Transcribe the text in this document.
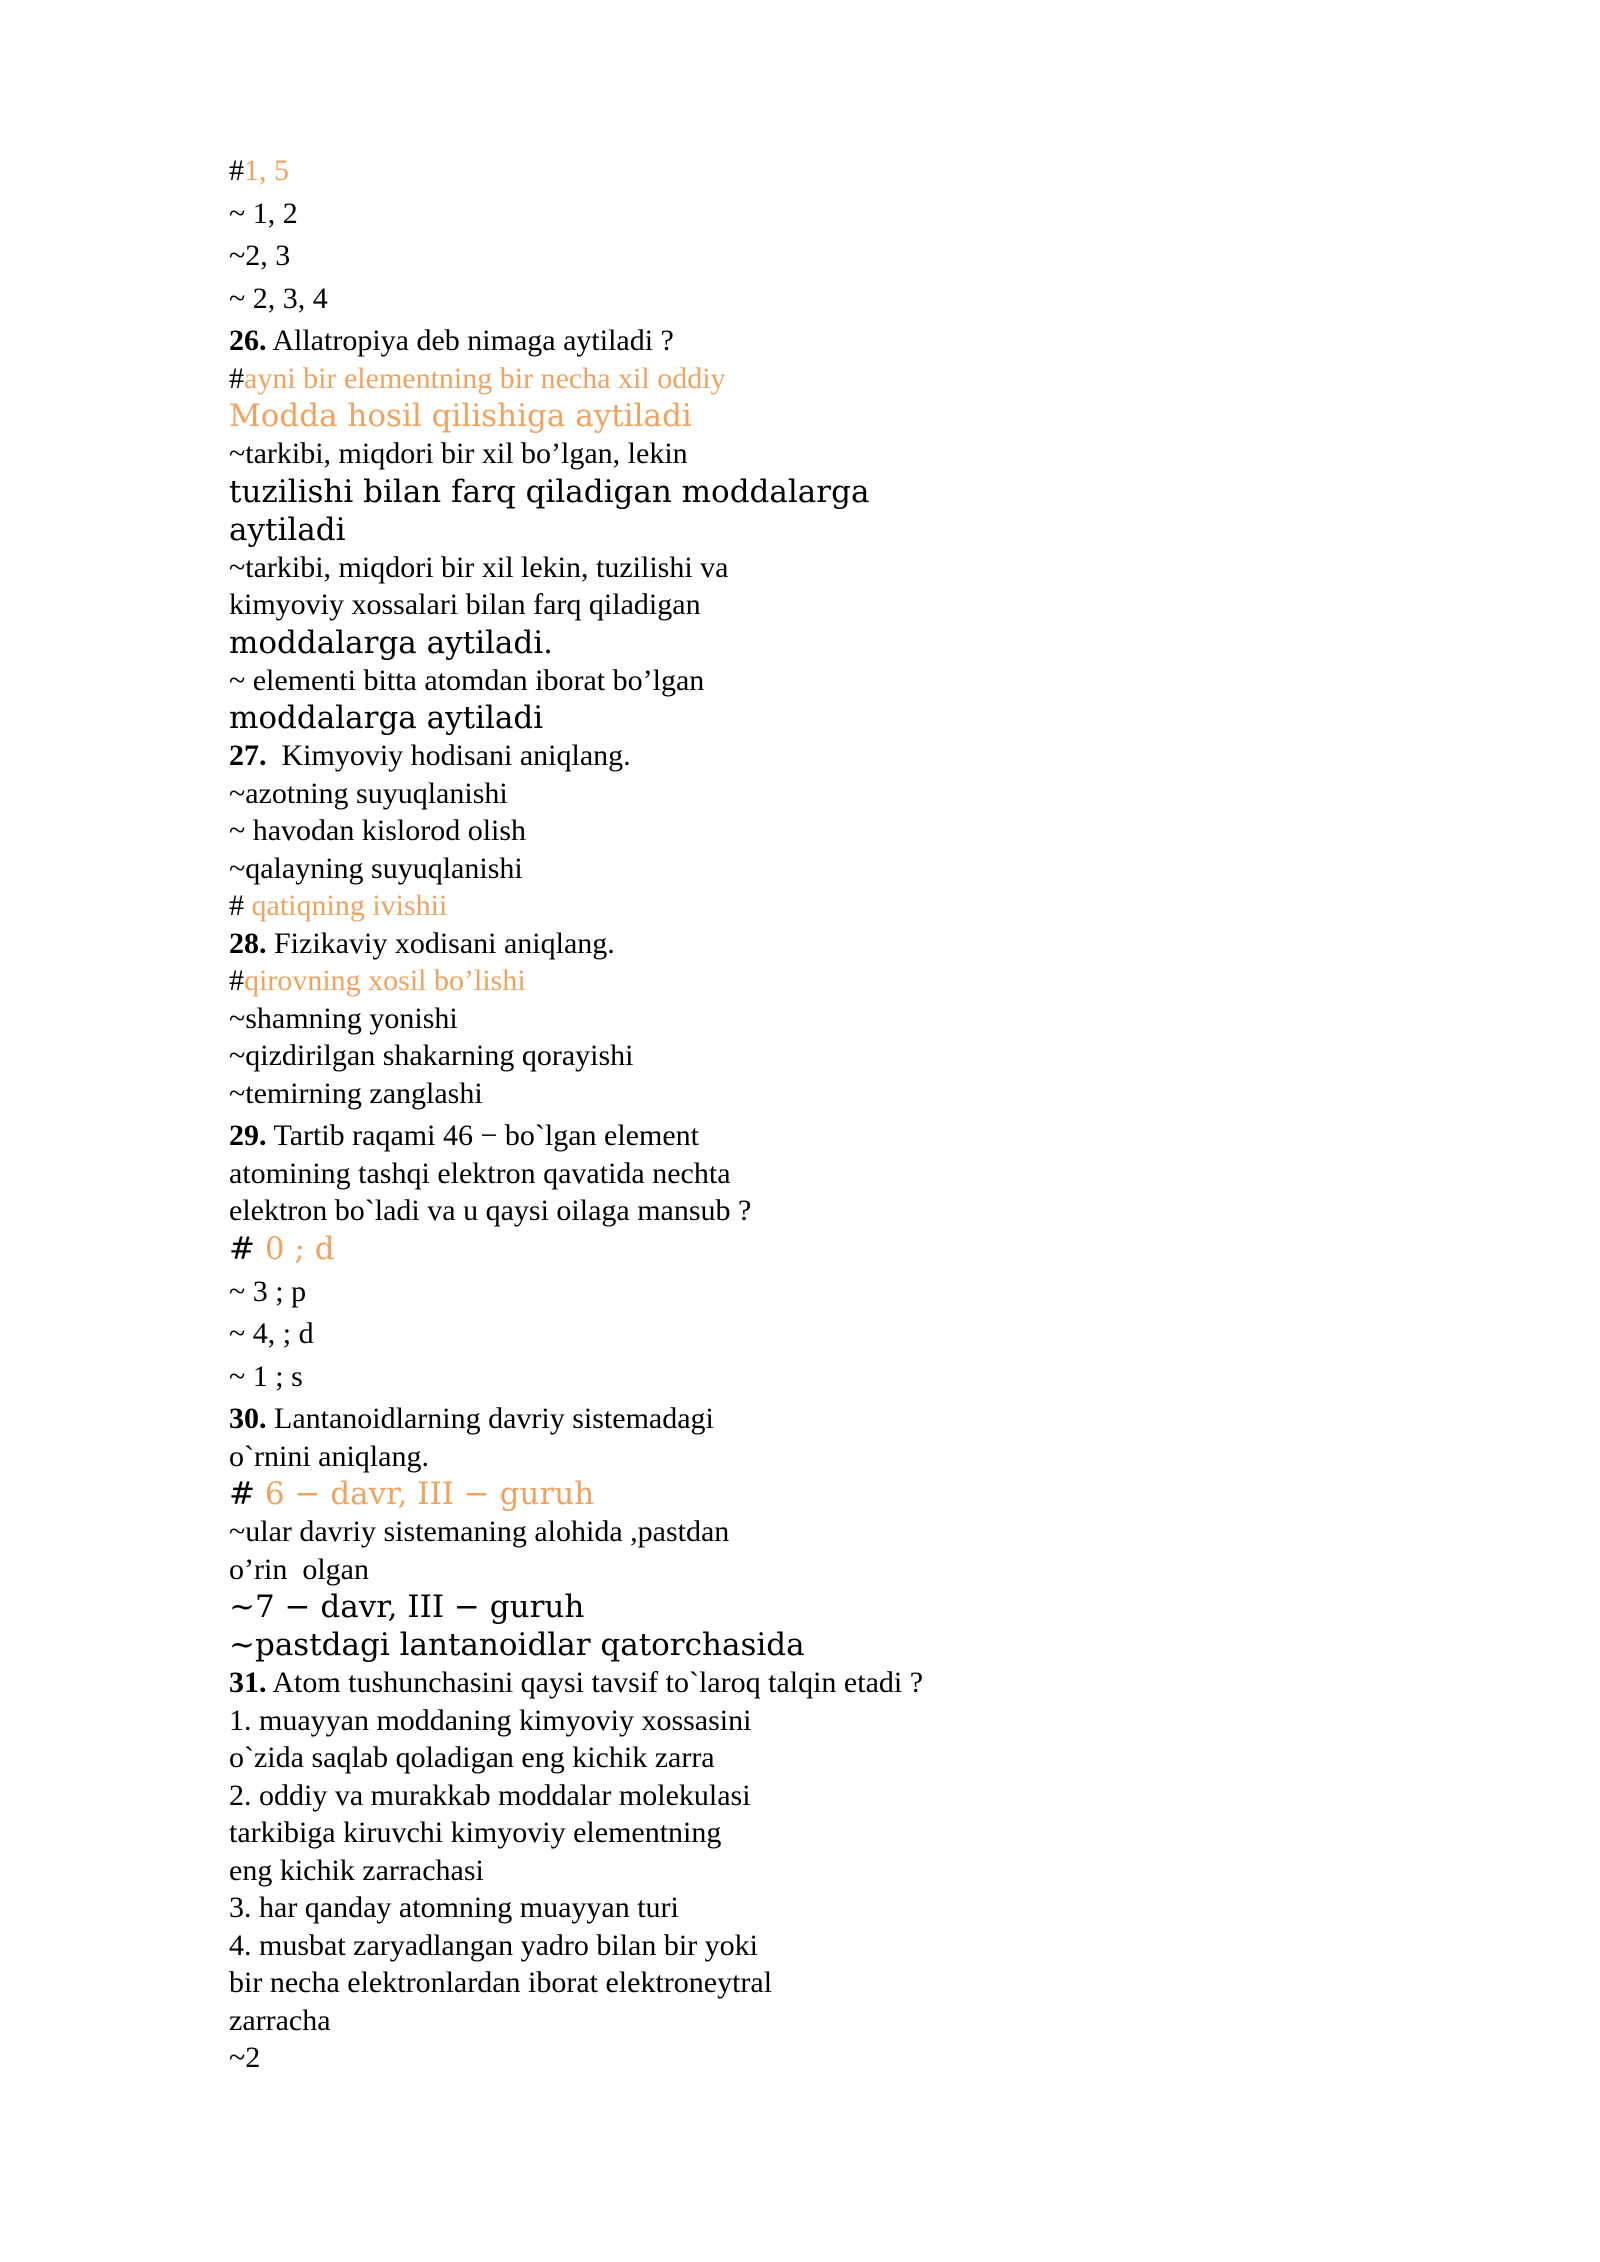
#1, 5
~ 1, 2
~2, 3
~ 2, 3, 4
26. Allatropiya deb nimaga aytiladi ?
#ayni bir elementning bir necha xil oddiy
Modda hosil qilishiga aytiladi
~tarkibi, miqdori bir xil bo’lgan, lekin
tuzilishi bilan farq qiladigan moddalarga
aytiladi
~tarkibi, miqdori bir xil lekin, tuzilishi va
kimyoviy xossalari bilan farq qiladigan
moddalarga aytiladi.
~ elementi bitta atomdan iborat bo’lgan
moddalarga aytiladi
27.  Kimyoviy hodisani aniqlang.
~azotning suyuqlanishi
~ havodan kislorod olish
~qalayning suyuqlanishi
# qatiqning ivishii
28. Fizikaviy xodisani aniqlang.
#qirovning xosil bo’lishi
~shamning yonishi
~qizdirilgan shakarning qorayishi
~temirning zanglashi
29. Tartib raqami 46 − bo`lgan element
atomining tashqi elektron qavatida nechta
elektron bo`ladi va u qaysi oilaga mansub ?
# 0 ; d
~ 3 ; p
~ 4, ; d
~ 1 ; s
30. Lantanoidlarning davriy sistemadagi
o`rnini aniqlang.
# 6 − davr, III − guruh
~ular davriy sistemaning alohida ,pastdan
o’rin  olgan
~7 − davr, III − guruh
~pastdagi lantanoidlar qatorchasida
31. Atom tushunchasini qaysi tavsif to`laroq talqin etadi ?
1. muayyan moddaning kimyoviy xossasini
o`zida saqlab qoladigan eng kichik zarra
2. oddiy va murakkab moddalar molekulasi
tarkibiga kiruvchi kimyoviy elementning
eng kichik zarrachasi
3. har qanday atomning muayyan turi
4. musbat zaryadlangan yadro bilan bir yoki
bir necha elektronlardan iborat elektroneytral
zarracha
~2
